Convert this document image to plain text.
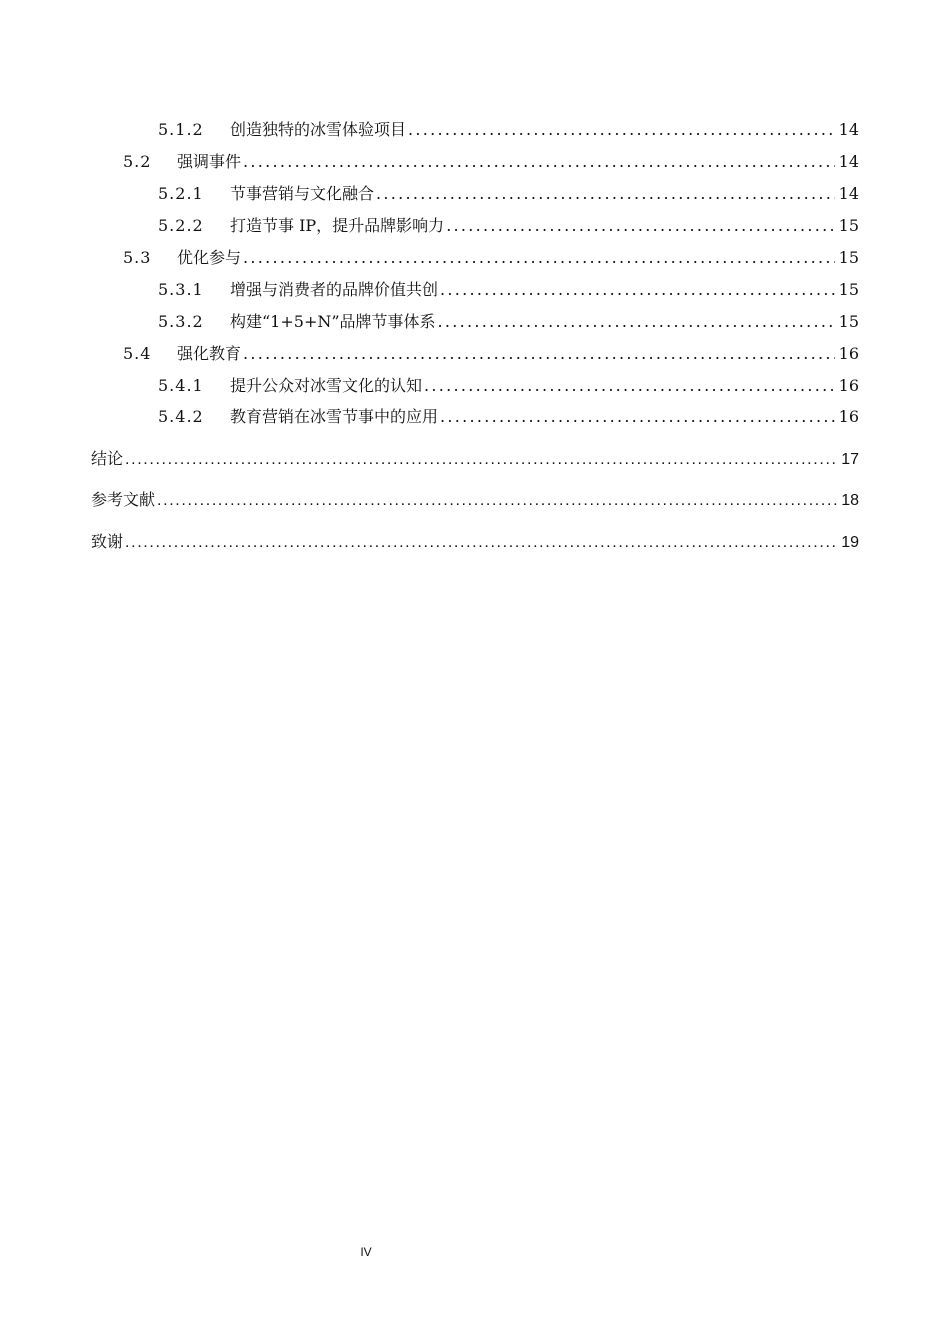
5.1.2	创造独特的冰雪体验项目 . . .	14
5.2	强调事件 . . .	14
5.2.1	节事营销与文化融合 . . .	14
5.2.2	打造节事 IP，提升品牌影响力 . . .	15
5.3	优化参与 . . .	15
5.3.1	增强与消费者的品牌价值共创 . . .	15
5.3.2	构建“1+5+N”品牌节事体系 . . .	15
5.4	强化教育 . . .	16
5.4.1	提升公众对冰雪文化的认知 . . .	16
5.4.2	教育营销在冰雪节事中的应用 . . .	16
结论 . . .	17
参考文献 . . .	18
致谢 . . .	19
IV
